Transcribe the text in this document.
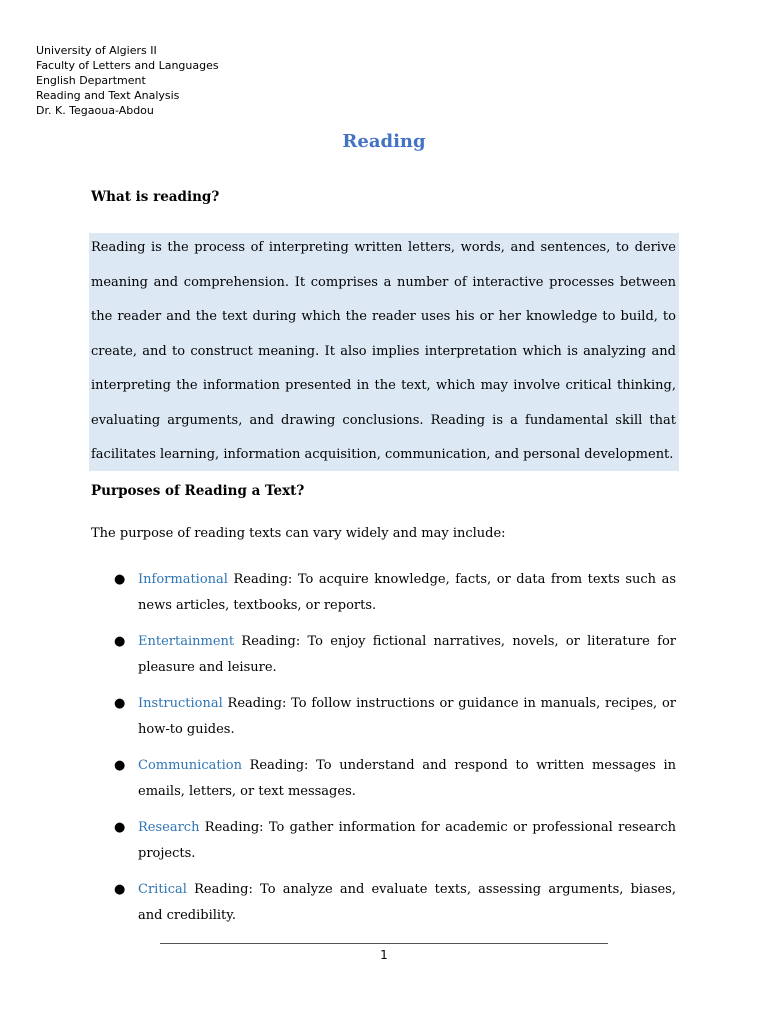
University of Algiers II
Faculty of Letters and Languages
English Department
Reading and Text Analysis
Dr. K. Tegaoua-Abdou
Reading
What is reading?
Reading is the process of interpreting written letters, words, and sentences, to derive meaning and comprehension. It comprises a number of interactive processes between the reader and the text during which the reader uses his or her knowledge to build, to create, and to construct meaning. It also implies interpretation which is analyzing and interpreting the information presented in the text, which may involve critical thinking, evaluating arguments, and drawing conclusions. Reading is a fundamental skill that facilitates learning, information acquisition, communication, and personal development.
Purposes of Reading a Text?
The purpose of reading texts can vary widely and may include:
● Informational Reading: To acquire knowledge, facts, or data from texts such as news articles, textbooks, or reports.
● Entertainment Reading: To enjoy fictional narratives, novels, or literature for pleasure and leisure.
● Instructional Reading: To follow instructions or guidance in manuals, recipes, or how-to guides.
● Communication Reading: To understand and respond to written messages in emails, letters, or text messages.
● Research Reading: To gather information for academic or professional research projects.
● Critical Reading: To analyze and evaluate texts, assessing arguments, biases, and credibility.
1
